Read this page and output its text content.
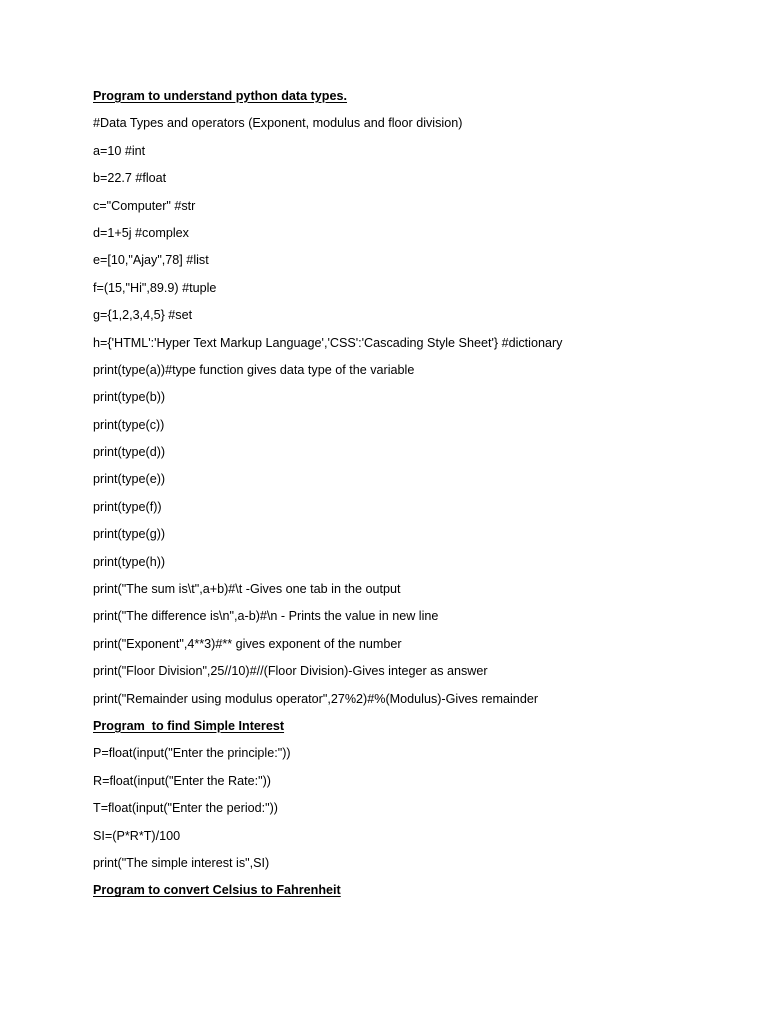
Program to understand python data types.
#Data Types and operators (Exponent, modulus and floor division)
a=10 #int
b=22.7 #float
c="Computer" #str
d=1+5j #complex
e=[10,"Ajay",78] #list
f=(15,"Hi",89.9) #tuple
g={1,2,3,4,5} #set
h={'HTML':'Hyper Text Markup Language','CSS':'Cascading Style Sheet'} #dictionary
print(type(a))#type function gives data type of the variable
print(type(b))
print(type(c))
print(type(d))
print(type(e))
print(type(f))
print(type(g))
print(type(h))
print("The sum is\t",a+b)#\t -Gives one tab in the output
print("The difference is\n",a-b)#\n - Prints the value in new line
print("Exponent",4**3)#** gives exponent of the number
print("Floor Division",25//10)#//(Floor Division)-Gives integer as answer
print("Remainder using modulus operator",27%2)#%(Modulus)-Gives remainder
Program  to find Simple Interest
P=float(input("Enter the principle:"))
R=float(input("Enter the Rate:"))
T=float(input("Enter the period:"))
SI=(P*R*T)/100
print("The simple interest is",SI)
Program to convert Celsius to Fahrenheit
